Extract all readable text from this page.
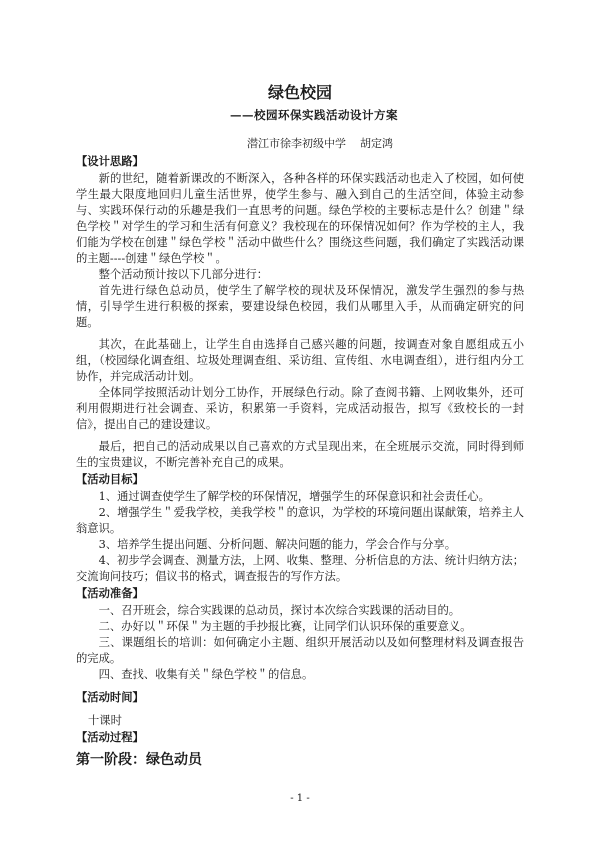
绿色校园
——校园环保实践活动设计方案
潜江市徐李初级中学 胡定鸿
【设计思路】

新的世纪，随着新课改的不断深入，各种各样的环保实践活动也走入了校园，如何使学生最大限度地回归儿童生活世界，使学生参与、融入到自己的生活空间，体验主动参与、实践环保行动的乐趣是我们一直思考的问题。绿色学校的主要标志是什么？创建＂绿色学校＂对学生的学习和生活有何意义？我校现在的环保情况如何？作为学校的主人，我们能为学校在创建＂绿色学校＂活动中做些什么？围绕这些问题，我们确定了实践活动课的主题----创建＂绿色学校＂。

整个活动预计按以下几部分进行：

首先进行绿色总动员，使学生了解学校的现状及环保情况，激发学生强烈的参与热情，引导学生进行积极的探索，要建设绿色校园，我们从哪里入手，从而确定研究的问题。

其次，在此基础上，让学生自由选择自己感兴趣的问题，按调查对象自愿组成五小组，（校园绿化调查组、垃圾处理调查组、采访组、宣传组、水电调查组），进行组内分工协作，并完成活动计划。

全体同学按照活动计划分工协作，开展绿色行动。除了查阅书籍、上网收集外，还可利用假期进行社会调查、采访，积累第一手资料，完成活动报告，拟写《致校长的一封信》，提出自己的建设建议。

最后，把自己的活动成果以自己喜欢的方式呈现出来，在全班展示交流，同时得到师生的宝贵建议，不断完善补充自己的成果。

【活动目标】

1、通过调查使学生了解学校的环保情况，增强学生的环保意识和社会责任心。

2、增强学生＂爱我学校，美我学校＂的意识，为学校的环境问题出谋献策，培养主人翁意识。

3、培养学生提出问题、分析问题、解决问题的能力，学会合作与分享。

4、初步学会调查、测量方法，上网、收集、整理、分析信息的方法、统计归纳方法；交流询问技巧；倡议书的格式，调查报告的写作方法。

【活动准备】

一、召开班会，综合实践课的总动员，探讨本次综合实践课的活动目的。

二、办好以＂环保＂为主题的手抄报比赛，让同学们认识环保的重要意义。

三、课题组长的培训：如何确定小主题、组织开展活动以及如何整理材料及调查报告的完成。

四、查找、收集有关＂绿色学校＂的信息。

【活动时间】
十课时
【活动过程】
第一阶段：绿色动员
- 1 -
